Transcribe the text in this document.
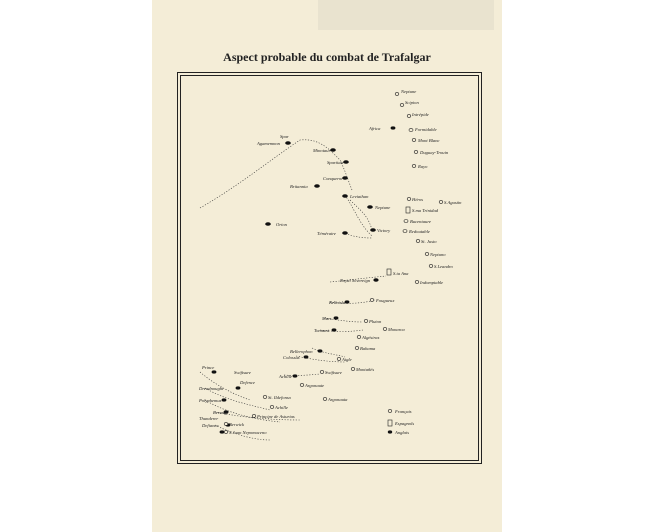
Aspect probable du combat de Trafalgar
Neptune
Scipion
Intrépide
Mont Blanc
Duguay-Trouin
Formidable
Rayo
Héros
S.ma Trinidad
Bucentaure
Redoutable
S.Agustin
Neptuno
St. Justo
S.Leandro
S.ta Ana
Indomptable
Fougueux
Pluton
Monarca
Algésiras
Bahama
Aigle
Swiftsure
Montañés
Argonaute
Argonauta
St. Ildefonso
Achille
Principe de Asturias
Berwick
S.Juan Nepomuceno
Spar
Agamemnon
Minotaur
Spartiate
Africa
Conqueror
Britannia
Leviathan
Neptune
Victory
Téméraire
Orion
Royal Sovereign
Belleisle
Mars
Tonnant
Bellerophon
Colossus
Achille
Prince
Dreadnought
Polyphemus
Revenge
Defiance
Swiftsure
Defence
Thunderer
Français
Espagnols
Anglais
